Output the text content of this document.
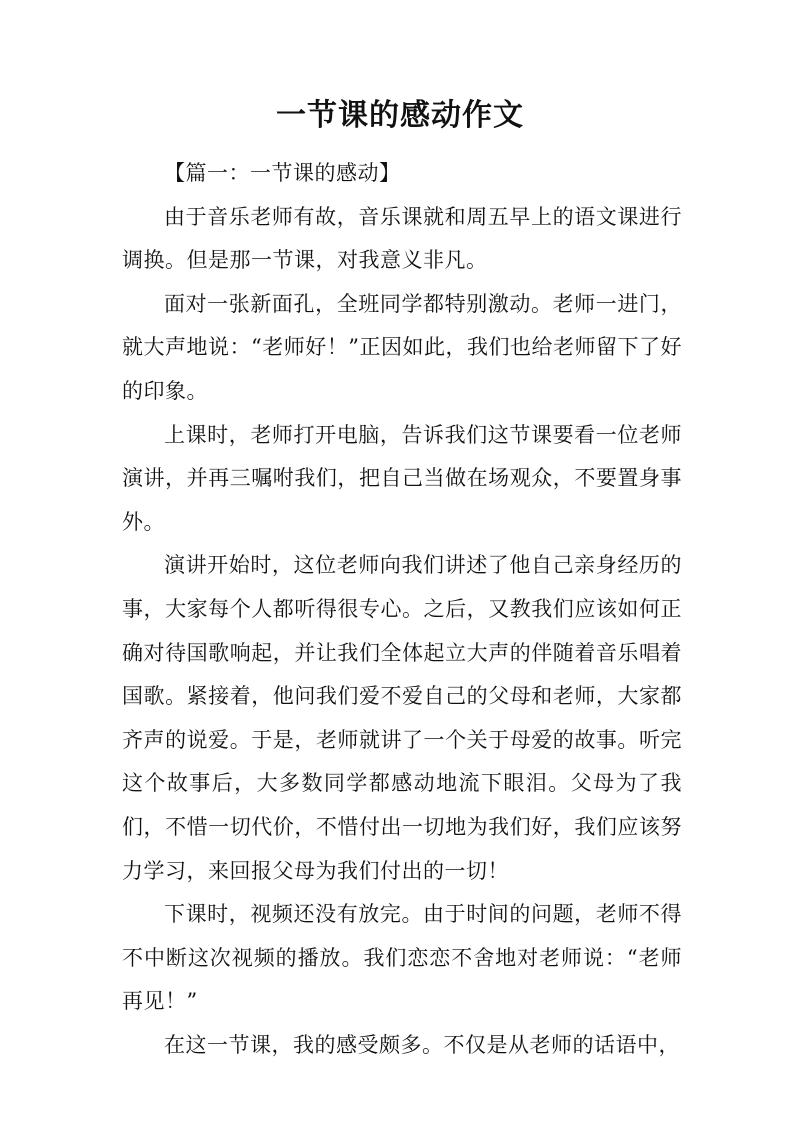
一节课的感动作文

【篇一：一节课的感动】

由于音乐老师有故，音乐课就和周五早上的语文课进行调换。但是那一节课，对我意义非凡。

面对一张新面孔，全班同学都特别激动。老师一进门，就大声地说：“老师好！”正因如此，我们也给老师留下了好的印象。

上课时，老师打开电脑，告诉我们这节课要看一位老师演讲，并再三嘱咐我们，把自己当做在场观众，不要置身事外。

演讲开始时，这位老师向我们讲述了他自己亲身经历的事，大家每个人都听得很专心。之后，又教我们应该如何正确对待国歌响起，并让我们全体起立大声的伴随着音乐唱着国歌。紧接着，他问我们爱不爱自己的父母和老师，大家都齐声的说爱。于是，老师就讲了一个关于母爱的故事。听完这个故事后，大多数同学都感动地流下眼泪。父母为了我们，不惜一切代价，不惜付出一切地为我们好，我们应该努力学习，来回报父母为我们付出的一切！

下课时，视频还没有放完。由于时间的问题，老师不得不中断这次视频的播放。我们恋恋不舍地对老师说：“老师再见！”

在这一节课，我的感受颇多。不仅是从老师的话语中，
